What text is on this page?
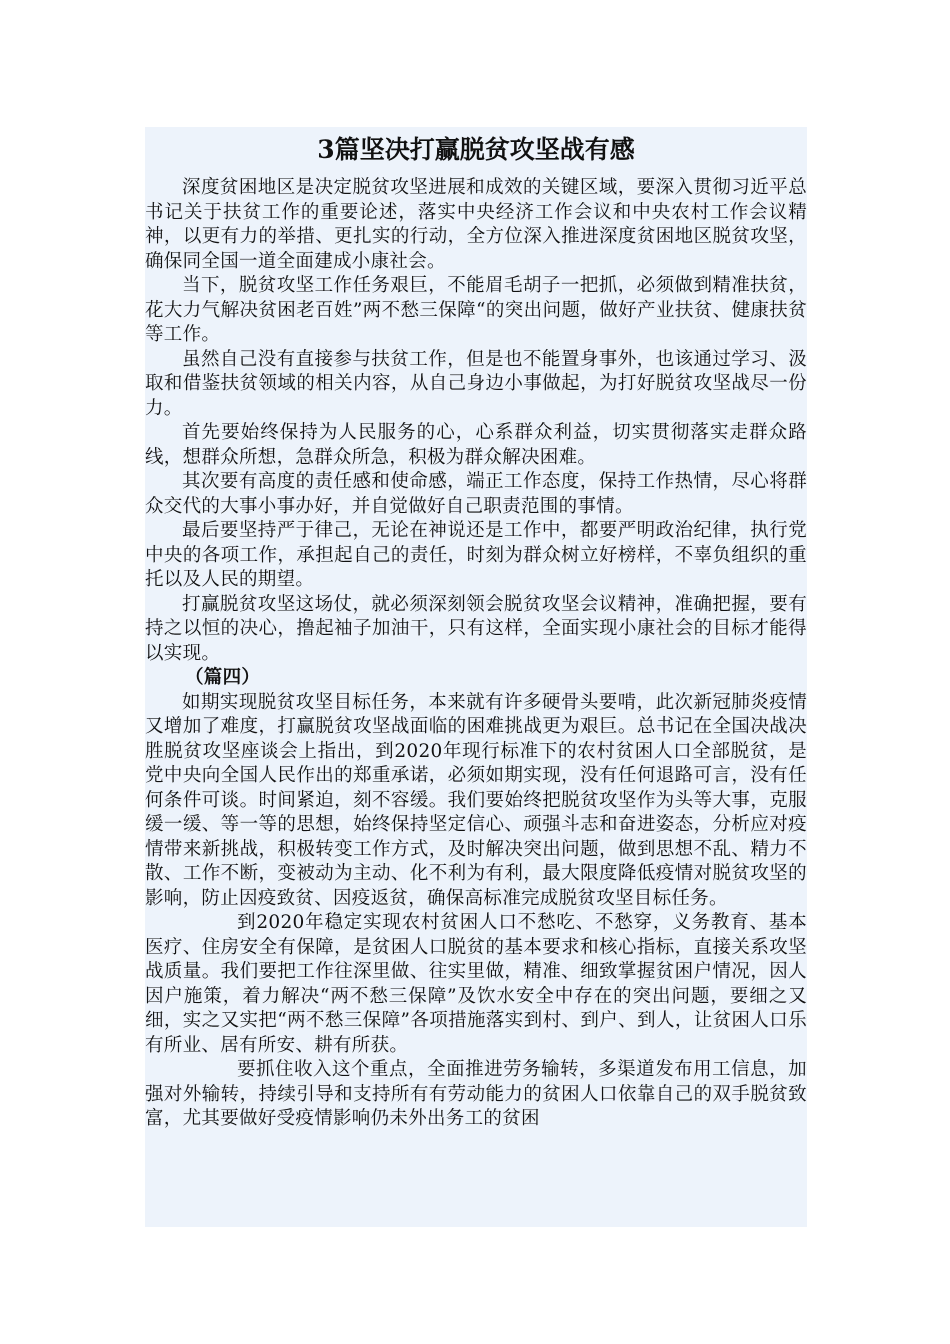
3篇坚决打赢脱贫攻坚战有感

深度贫困地区是决定脱贫攻坚进展和成效的关键区域，要深入贯彻习近平总书记关于扶贫工作的重要论述，落实中央经济工作会议和中央农村工作会议精神，以更有力的举措、更扎实的行动，全方位深入推进深度贫困地区脱贫攻坚，确保同全国一道全面建成小康社会。

当下，脱贫攻坚工作任务艰巨，不能眉毛胡子一把抓，必须做到精准扶贫，花大力气解决贫困老百姓”两不愁三保障“的突出问题，做好产业扶贫、健康扶贫等工作。

虽然自己没有直接参与扶贫工作，但是也不能置身事外，也该通过学习、汲取和借鉴扶贫领域的相关内容，从自己身边小事做起，为打好脱贫攻坚战尽一份力。

首先要始终保持为人民服务的心，心系群众利益，切实贯彻落实走群众路线，想群众所想，急群众所急，积极为群众解决困难。

其次要有高度的责任感和使命感，端正工作态度，保持工作热情，尽心将群众交代的大事小事办好，并自觉做好自己职责范围的事情。

最后要坚持严于律己，无论在神说还是工作中，都要严明政治纪律，执行党中央的各项工作，承担起自己的责任，时刻为群众树立好榜样，不辜负组织的重托以及人民的期望。

打赢脱贫攻坚这场仗，就必须深刻领会脱贫攻坚会议精神，准确把握，要有持之以恒的决心，撸起袖子加油干，只有这样，全面实现小康社会的目标才能得以实现。

（篇四）

如期实现脱贫攻坚目标任务，本来就有许多硬骨头要啃，此次新冠肺炎疫情又增加了难度，打赢脱贫攻坚战面临的困难挑战更为艰巨。总书记在全国决战决胜脱贫攻坚座谈会上指出，到2020年现行标准下的农村贫困人口全部脱贫，是党中央向全国人民作出的郑重承诺，必须如期实现，没有任何退路可言，没有任何条件可谈。时间紧迫，刻不容缓。我们要始终把脱贫攻坚作为头等大事，克服缓一缓、等一等的思想，始终保持坚定信心、顽强斗志和奋进姿态，分析应对疫情带来新挑战，积极转变工作方式，及时解决突出问题，做到思想不乱、精力不散、工作不断，变被动为主动、化不利为有利，最大限度降低疫情对脱贫攻坚的影响，防止因疫致贫、因疫返贫，确保高标准完成脱贫攻坚目标任务。

到2020年稳定实现农村贫困人口不愁吃、不愁穿，义务教育、基本医疗、住房安全有保障，是贫困人口脱贫的基本要求和核心指标，直接关系攻坚战质量。我们要把工作往深里做、往实里做，精准、细致掌握贫困户情况，因人因户施策，着力解决“两不愁三保障”及饮水安全中存在的突出问题，要细之又细，实之又实把“两不愁三保障”各项措施落实到村、到户、到人，让贫困人口乐有所业、居有所安、耕有所获。

要抓住收入这个重点，全面推进劳务输转，多渠道发布用工信息，加强对外输转，持续引导和支持所有有劳动能力的贫困人口依靠自己的双手脱贫致富，尤其要做好受疫情影响仍未外出务工的贫困
